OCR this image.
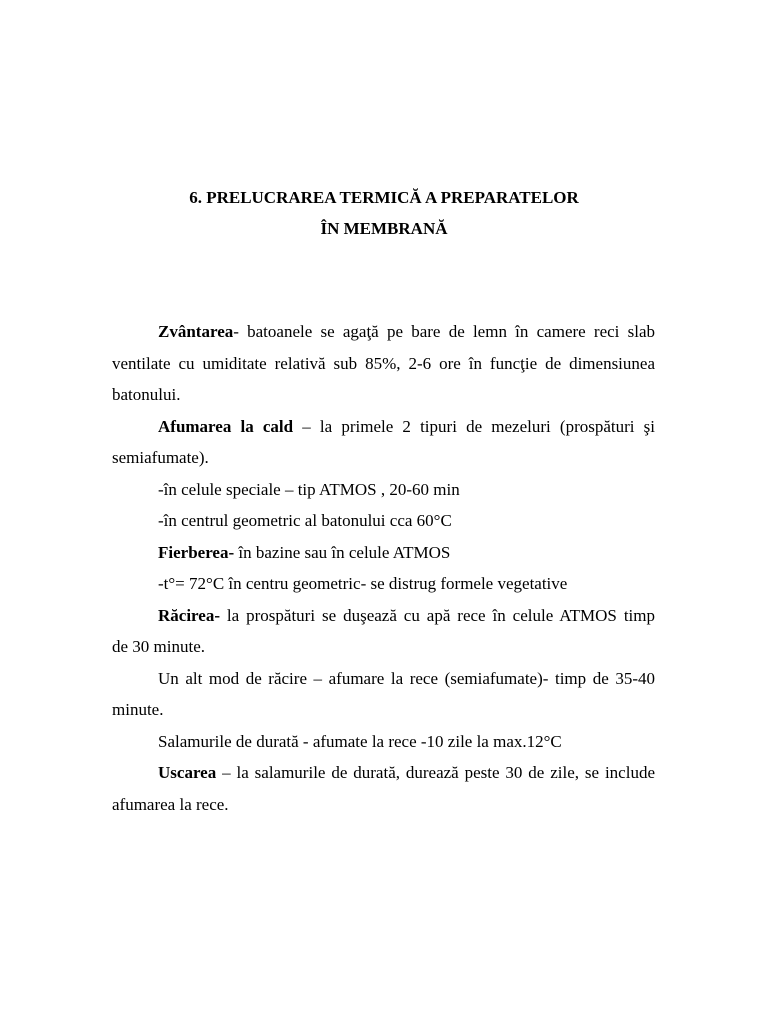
6. PRELUCRAREA TERMICĂ A PREPARATELOR
ÎN MEMBRANĂ
Zvântarea- batoanele se agaţă pe bare de lemn în camere reci slab
ventilate cu umiditate relativă sub 85%, 2-6 ore în funcţie de dimensiunea
batonului.
Afumarea la cald – la primele 2 tipuri de mezeluri (prospături şi
semiafumate).
-în celule speciale – tip ATMOS , 20-60 min
-în centrul geometric al batonului cca 60°C
Fierberea- în bazine sau în celule ATMOS
-t°= 72°C în centru geometric- se distrug formele vegetative
Răcirea- la prospături se duşează cu apă rece în celule ATMOS timp
de 30 minute.
Un alt mod de răcire – afumare la rece (semiafumate)- timp de 35-40
minute.
Salamurile de durată - afumate la rece -10 zile la max.12°C
Uscarea – la salamurile de durată, durează peste 30 de zile, se include
afumarea la rece.
